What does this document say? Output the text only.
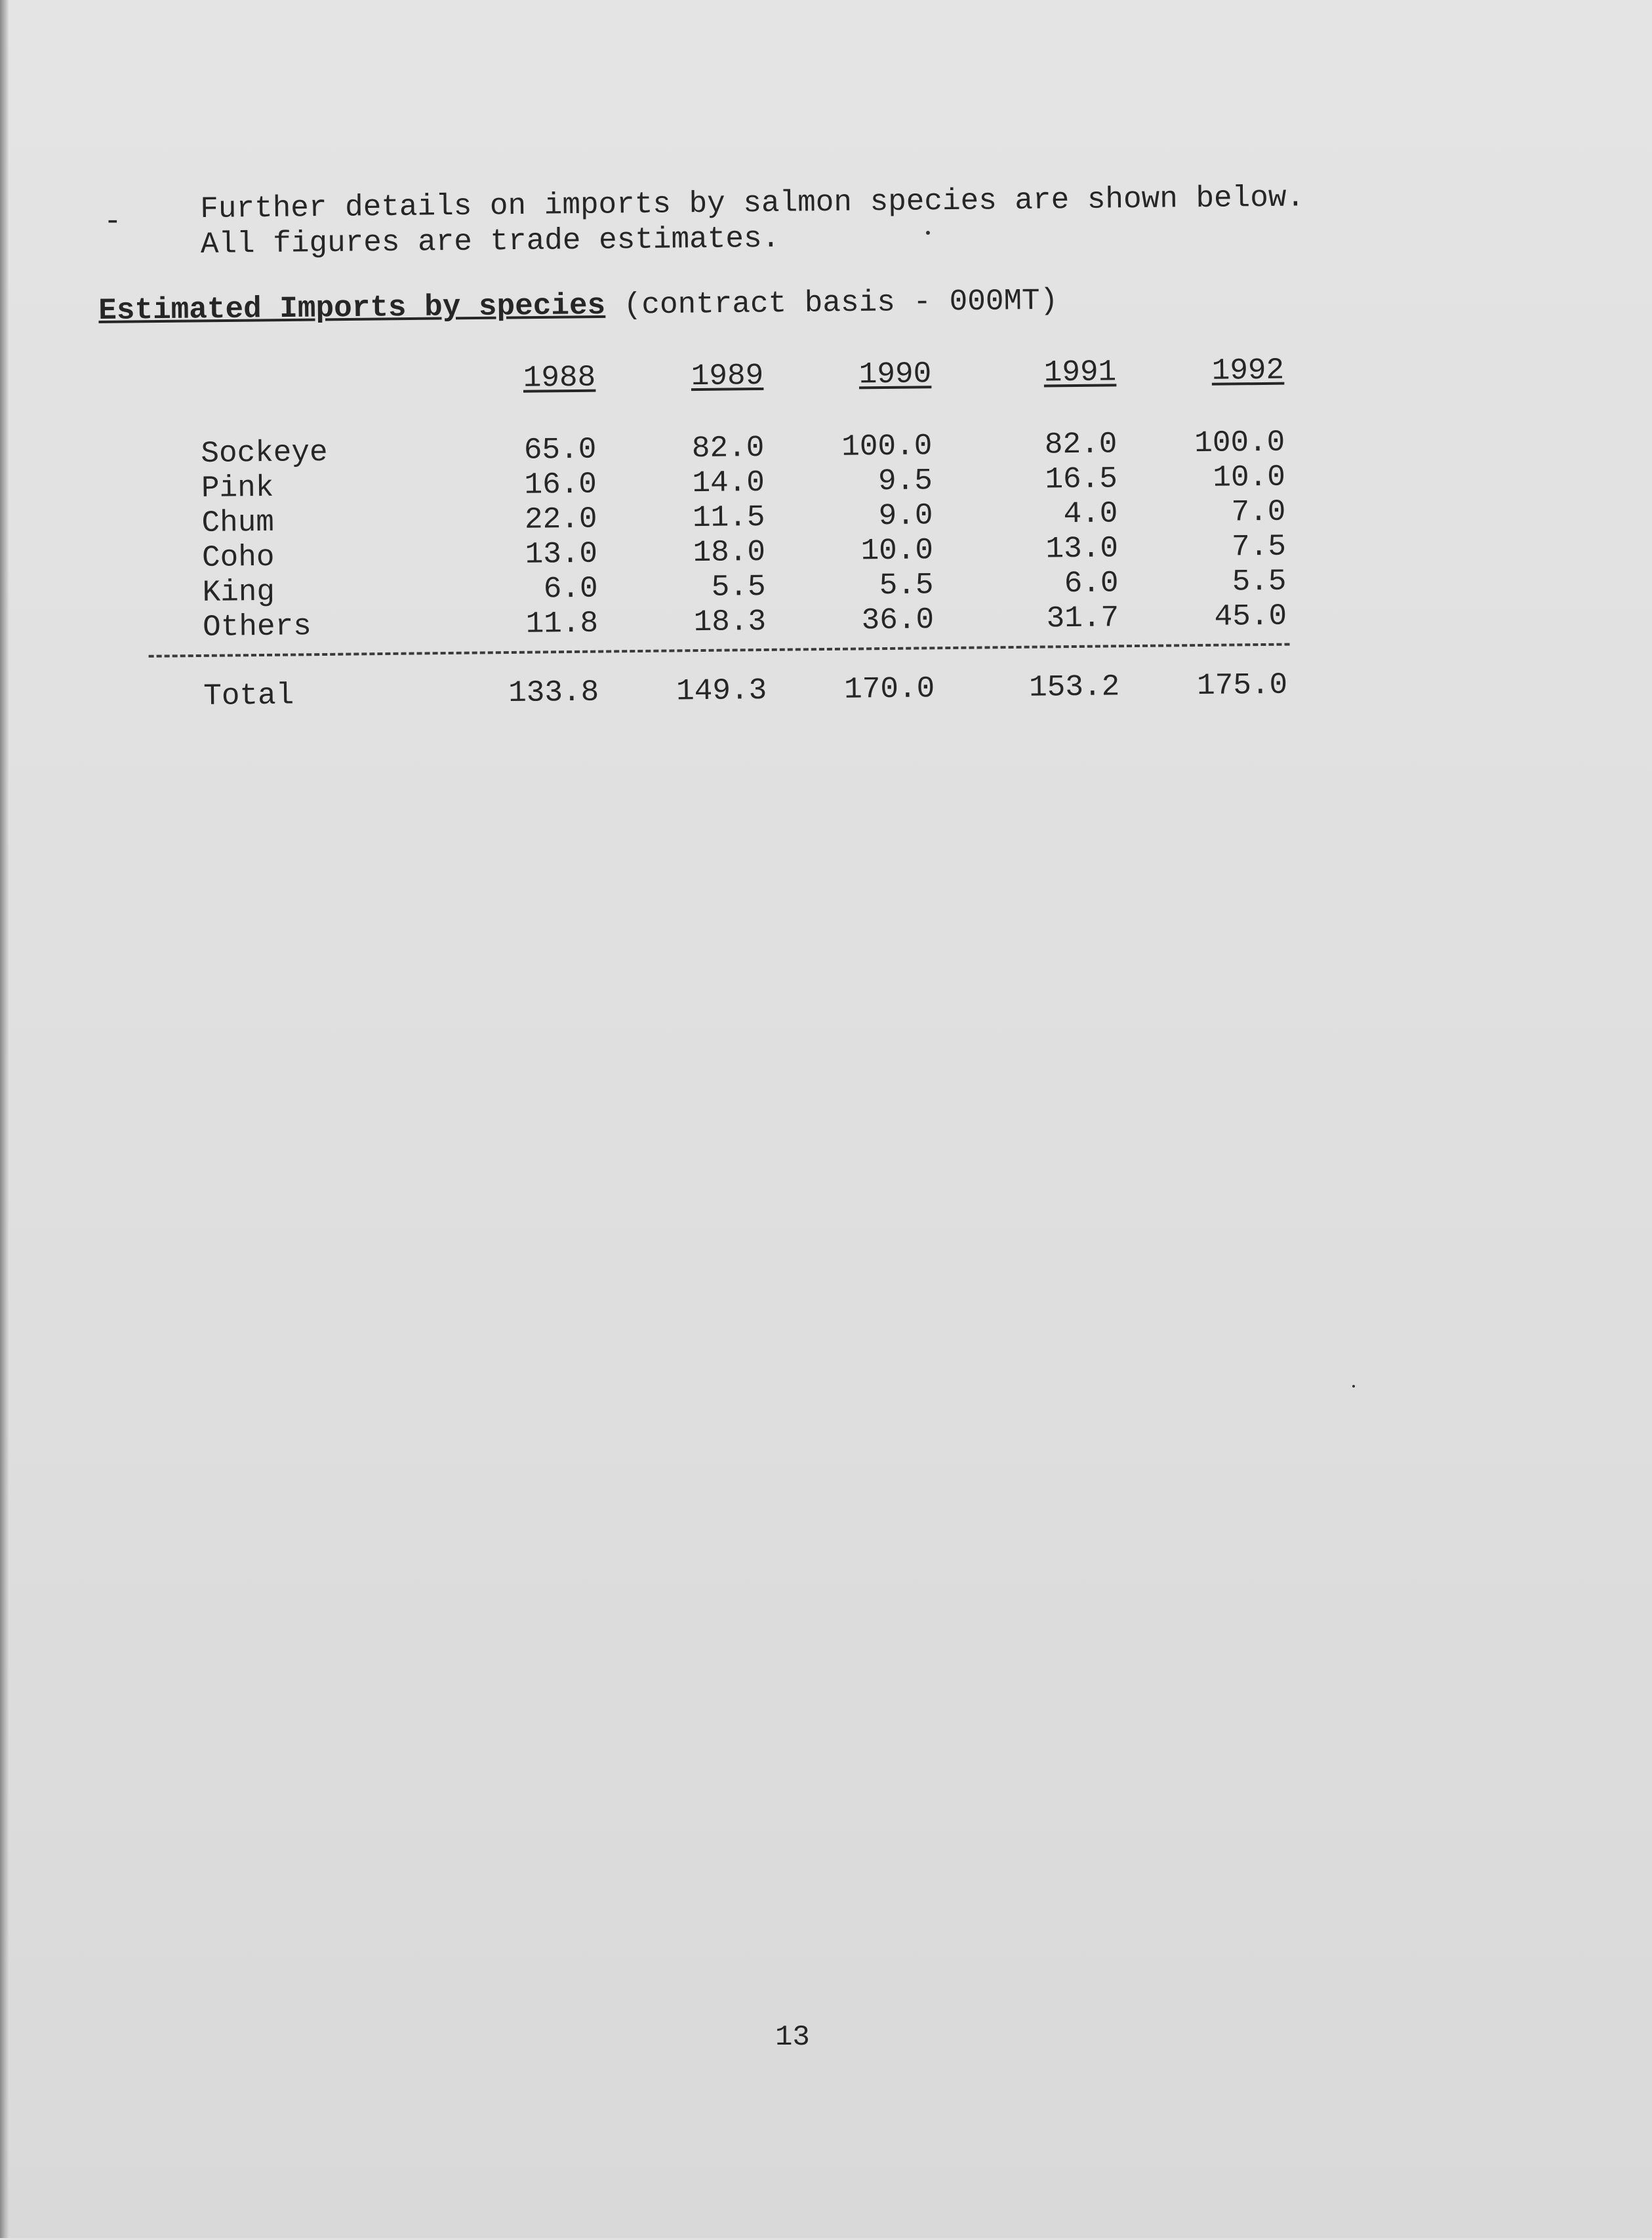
-	Further details on imports by salmon species are shown below.
All figures are trade estimates.
Estimated Imports by species (contract basis - 000MT)
1988	1989	1990	1991	1992
Sockeye	65.0	82.0	100.0	82.0	100.0
Pink	16.0	14.0	9.5	16.5	10.0
Chum	22.0	11.5	9.0	4.0	7.0
Coho	13.0	18.0	10.0	13.0	7.5
King	6.0	5.5	5.5	6.0	5.5
Others	11.8	18.3	36.0	31.7	45.0
Total	133.8	149.3	170.0	153.2	175.0
13
